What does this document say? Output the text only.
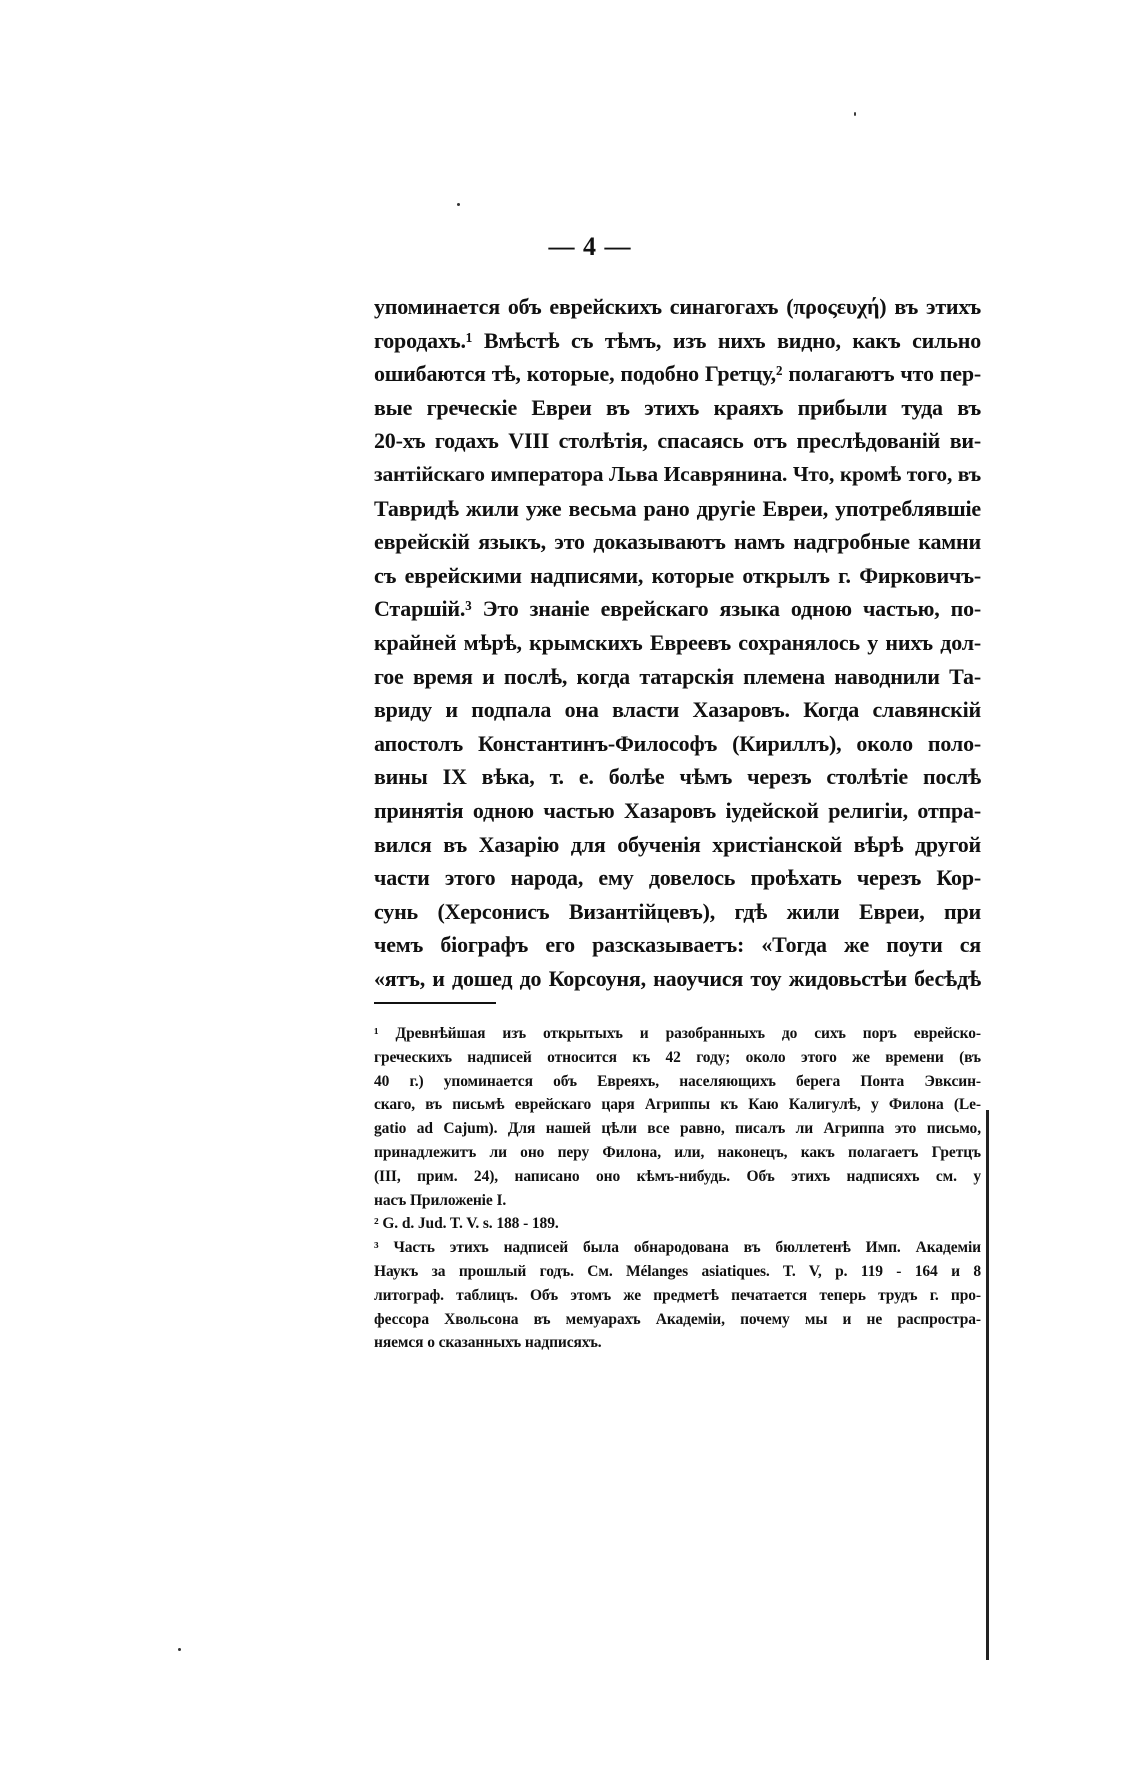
— 4 —
упоминается объ еврейскихъ синагогахъ (προςευχή) въ этихъ
городахъ.¹ Вмѣстѣ съ тѣмъ, изъ нихъ видно, какъ сильно
ошибаются тѣ, которые, подобно Гретцу,² полагаютъ что пер-
вые греческіе Евреи въ этихъ краяхъ прибыли туда въ
20-хъ годахъ VIII столѣтія, спасаясь отъ преслѣдованій ви-
зантійскаго императора Льва Исаврянина. Что, кромѣ того, въ
Тавридѣ жили уже весьма рано другіе Евреи, употреблявшіе
еврейскій языкъ, это доказываютъ намъ надгробные камни
съ еврейскими надписями, которые открылъ г. Фирковичъ-
Старшій.³ Это знаніе еврейскаго языка одною частью, по-
крайней мѣрѣ, крымскихъ Евреевъ сохранялось у нихъ дол-
гое время и послѣ, когда татарскія племена наводнили Та-
вриду и подпала она власти Хазаровъ. Когда славянскій
апостолъ Константинъ-Философъ (Кириллъ), около поло-
вины IX вѣка, т. е. болѣе чѣмъ черезъ столѣтіе послѣ
принятія одною частью Хазаровъ іудейской религіи, отпра-
вился въ Хазарію для обученія христіанской вѣрѣ другой
части этого народа, ему довелось проѣхать черезъ Кор-
сунь (Херсонисъ Византійцевъ), гдѣ жили Евреи, при
чемъ біографъ его разсказываетъ: «Тогда же поути ся
«ятъ, и дошед до Корсоуня, наоучися тоу жидовьстѣи бесѣдѣ
¹ Древнѣйшая изъ открытыхъ и разобранныхъ до сихъ поръ еврейско-
греческихъ надписей относится къ 42 году; около этого же времени (въ
40 г.) упоминается объ Евреяхъ, населяющихъ берега Понта Эвксин-
скаго, въ письмѣ еврейскаго царя Агриппы къ Каю Калигулѣ, у Филона (Le-
gatio ad Cajum). Для нашей цѣли все равно, писалъ ли Агриппа это письмо,
принадлежитъ ли оно перу Филона, или, наконецъ, какъ полагаетъ Гретцъ
(III, прим. 24), написано оно кѣмъ-нибудь. Объ этихъ надписяхъ см. у
насъ Приложеніе I.
² G. d. Jud. T. V. s. 188 - 189.
³ Часть этихъ надписей была обнародована въ бюллетенѣ Имп. Академіи
Наукъ за прошлый годъ. См. Mélanges asiatiques. T. V, p. 119 - 164 и 8
литограф. таблицъ. Объ этомъ же предметѣ печатается теперь трудъ г. про-
фессора Хвольсона въ мемуарахъ Академіи, почему мы и не распростра-
няемся о сказанныхъ надписяхъ.
